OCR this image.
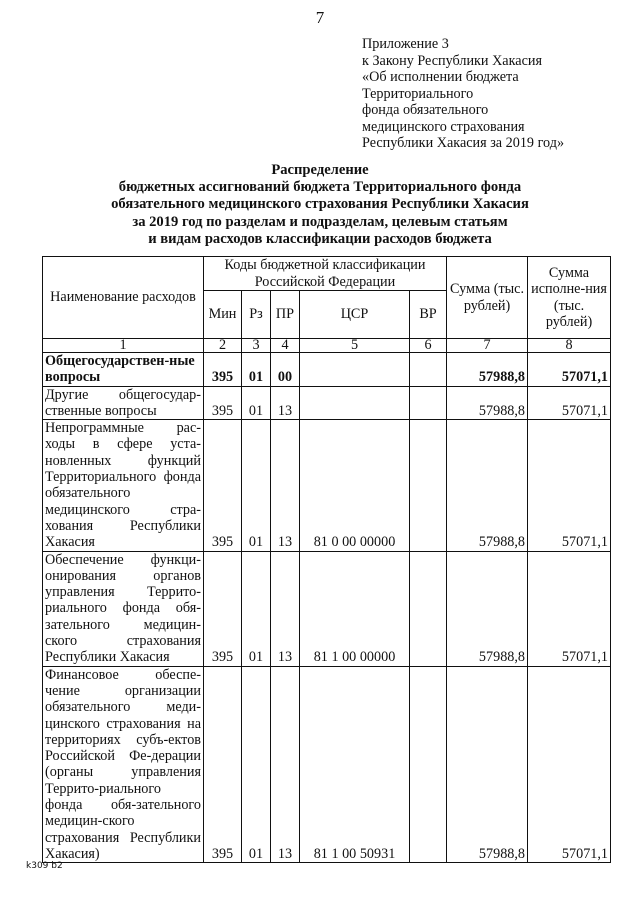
7
Приложение 3
к Закону Республики Хакасия
«Об исполнении бюджета
Территориального
фонда обязательного
медицинского страхования
Республики Хакасия за 2019 год»
Распределение
бюджетных ассигнований бюджета Территориального фонда
обязательного медицинского страхования Республики Хакасия
за 2019 год по разделам и подразделам, целевым статьям
и видам расходов классификации расходов бюджета
Наименование расходов	Коды бюджетной классификации Российской Федерации					Сумма (тыс. рублей)	Сумма исполне-ния (тыс. рублей)
	Мин	Рз	ПР	ЦСР	ВР		
1	2	3	4	5	6	7	8
Общегосударствен-ные вопросы	395	01	00			57988,8	57071,1
Другие общегосудар-ственные вопросы	395	01	13			57988,8	57071,1
Непрограммные рас-ходы в сфере уста-новленных функций Территориального фонда обязательного медицинского стра-хования Республики Хакасия	395	01	13	81 0 00 00000		57988,8	57071,1
Обеспечение функци-онирования органов управления Террито-риального фонда обя-зательного медицин-ского страхования Республики Хакасия	395	01	13	81 1 00 00000		57988,8	57071,1
Финансовое обеспе-чение организации обязательного меди-цинского страхования на территориях субъ-ектов Российской Фе-дерации (органы управления Террито-риального фонда обя-зательного медицин-ского страхования Республики Хакасия)	395	01	13	81 1 00 50931		57988,8	57071,1
k309 b2
